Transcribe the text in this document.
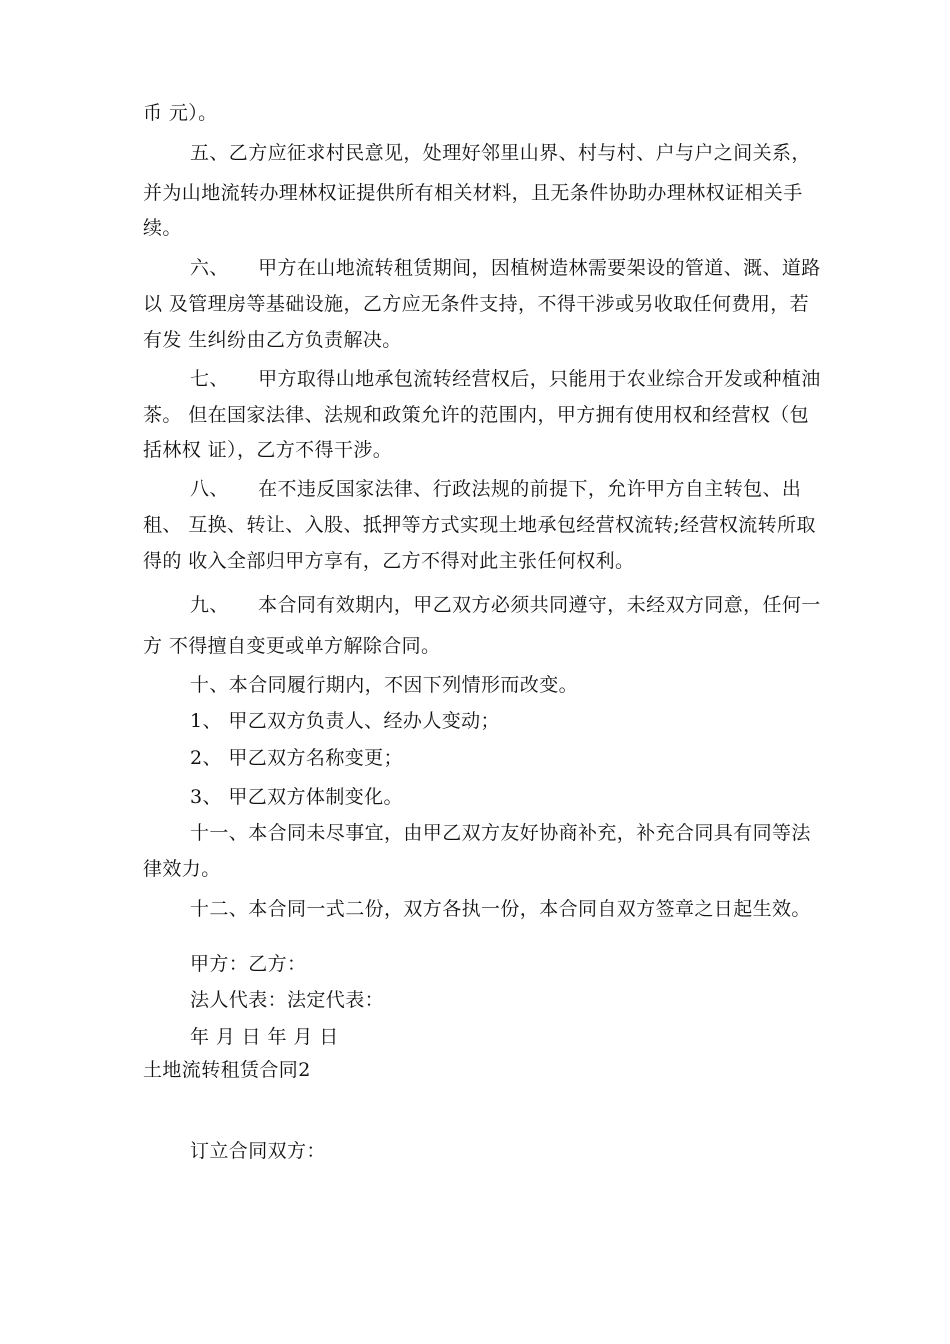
币 元）。
五、乙方应征求村民意见，处理好邻里山界、村与村、户与户之间关系，
并为山地流转办理林权证提供所有相关材料，且无条件协助办理林权证相关手
续。
六、　　甲方在山地流转租赁期间，因植树造林需要架设的管道、溉、道路
以 及管理房等基础设施，乙方应无条件支持，不得干涉或另收取任何费用，若
有发 生纠纷由乙方负责解决。
七、　　甲方取得山地承包流转经营权后，只能用于农业综合开发或种植油
茶。 但在国家法律、法规和政策允许的范围内，甲方拥有使用权和经营权（包
括林权 证），乙方不得干涉。
八、　　在不违反国家法律、行政法规的前提下，允许甲方自主转包、出
租、 互换、转让、入股、抵押等方式实现土地承包经营权流转;经营权流转所取
得的 收入全部归甲方享有，乙方不得对此主张任何权利。
九、　　本合同有效期内，甲乙双方必须共同遵守，未经双方同意，任何一
方 不得擅自变更或单方解除合同。
十、本合同履行期内，不因下列情形而改变。
1、 甲乙双方负责人、经办人变动；
2、 甲乙双方名称变更；
3、 甲乙双方体制变化。
十一、本合同未尽事宜，由甲乙双方友好协商补充，补充合同具有同等法
律效力。
十二、本合同一式二份，双方各执一份，本合同自双方签章之日起生效。
甲方：乙方：
法人代表：法定代表：
年 月 日 年 月 日
土地流转租赁合同2
订立合同双方：
